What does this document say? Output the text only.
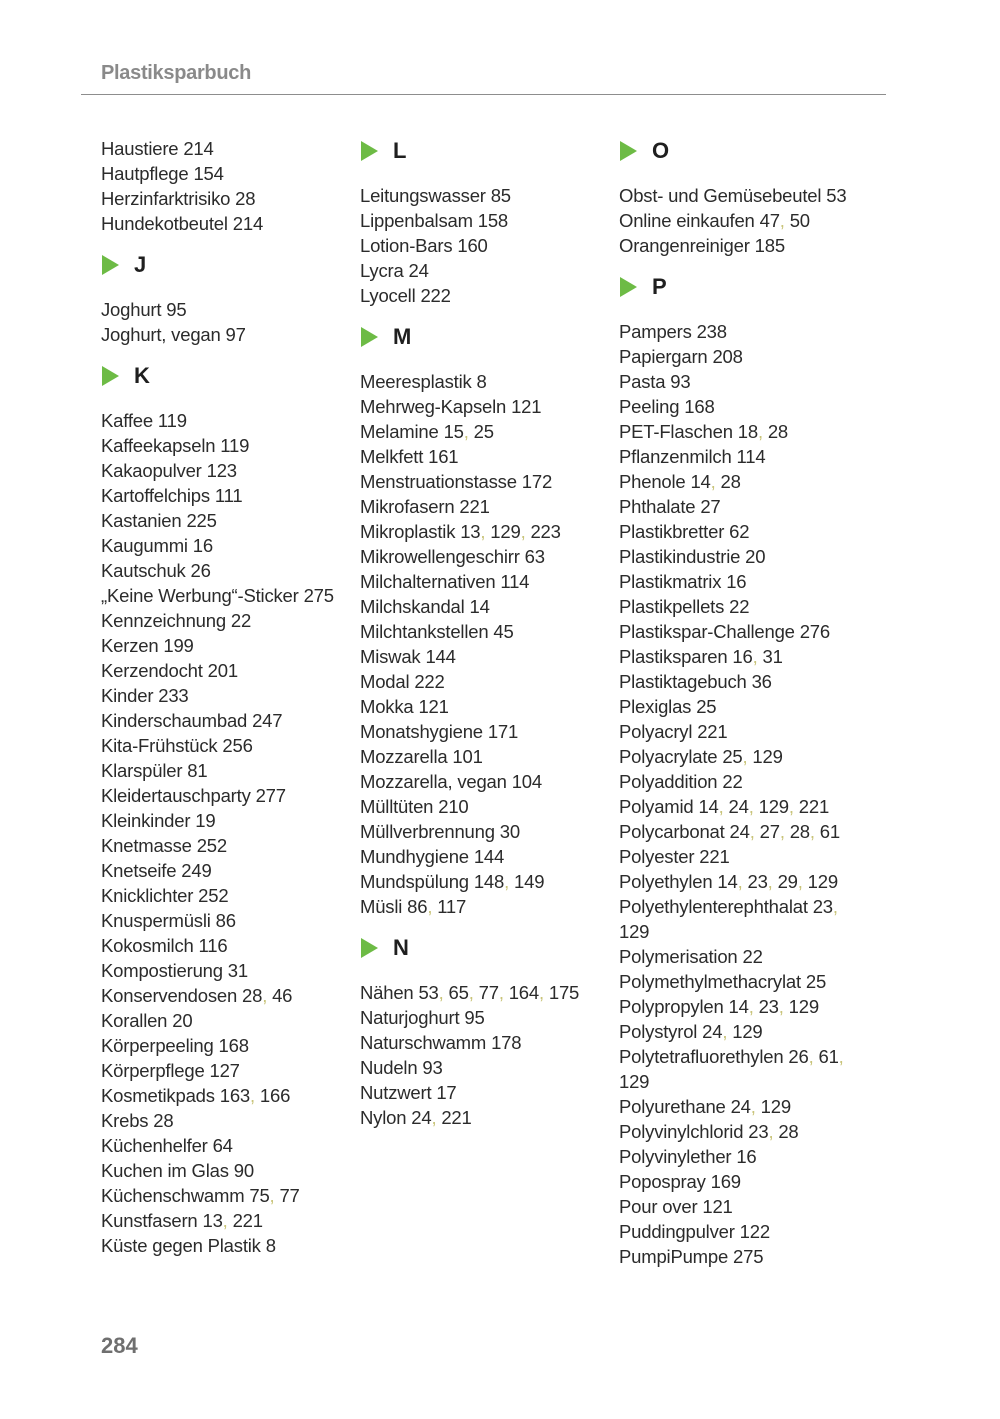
Plastiksparbuch
Haustiere 214
Hautpflege 154
Herzinfarktrisiko 28
Hundekotbeutel 214
J
Joghurt 95
Joghurt, vegan 97
K
Kaffee 119
Kaffeekapseln 119
Kakaopulver 123
Kartoffelchips 111
Kastanien 225
Kaugummi 16
Kautschuk 26
„Keine Werbung“-Sticker 275
Kennzeichnung 22
Kerzen 199
Kerzendocht 201
Kinder 233
Kinderschaumbad 247
Kita-Frühstück 256
Klarspüler 81
Kleidertauschparty 277
Kleinkinder 19
Knetmasse 252
Knetseife 249
Knicklichter 252
Knuspermüsli 86
Kokosmilch 116
Kompostierung 31
Konservendosen 28, 46
Korallen 20
Körperpeeling 168
Körperpflege 127
Kosmetikpads 163, 166
Krebs 28
Küchenhelfer 64
Kuchen im Glas 90
Küchenschwamm 75, 77
Kunstfasern 13, 221
Küste gegen Plastik 8
L
Leitungswasser 85
Lippenbalsam 158
Lotion-Bars 160
Lycra 24
Lyocell 222
M
Meeresplastik 8
Mehrweg-Kapseln 121
Melamine 15, 25
Melkfett 161
Menstruationstasse 172
Mikrofasern 221
Mikroplastik 13, 129, 223
Mikrowellengeschirr 63
Milchalternativen 114
Milchskandal 14
Milchtankstellen 45
Miswak 144
Modal 222
Mokka 121
Monatshygiene 171
Mozzarella 101
Mozzarella, vegan 104
Mülltüten 210
Müllverbrennung 30
Mundhygiene 144
Mundspülung 148, 149
Müsli 86, 117
N
Nähen 53, 65, 77, 164, 175
Naturjoghurt 95
Naturschwamm 178
Nudeln 93
Nutzwert 17
Nylon 24, 221
O
Obst- und Gemüsebeutel 53
Online einkaufen 47, 50
Orangenreiniger 185
P
Pampers 238
Papiergarn 208
Pasta 93
Peeling 168
PET-Flaschen 18, 28
Pflanzenmilch 114
Phenole 14, 28
Phthalate 27
Plastikbretter 62
Plastikindustrie 20
Plastikmatrix 16
Plastikpellets 22
Plastikspar-Challenge 276
Plastiksparen 16, 31
Plastiktagebuch 36
Plexiglas 25
Polyacryl 221
Polyacrylate 25, 129
Polyaddition 22
Polyamid 14, 24, 129, 221
Polycarbonat 24, 27, 28, 61
Polyester 221
Polyethylen 14, 23, 29, 129
Polyethylenterephthalat 23,
129
Polymerisation 22
Polymethylmethacrylat 25
Polypropylen 14, 23, 129
Polystyrol 24, 129
Polytetrafluorethylen 26, 61,
129
Polyurethane 24, 129
Polyvinylchlorid 23, 28
Polyvinylether 16
Popospray 169
Pour over 121
Puddingpulver 122
PumpiPumpe 275
284
